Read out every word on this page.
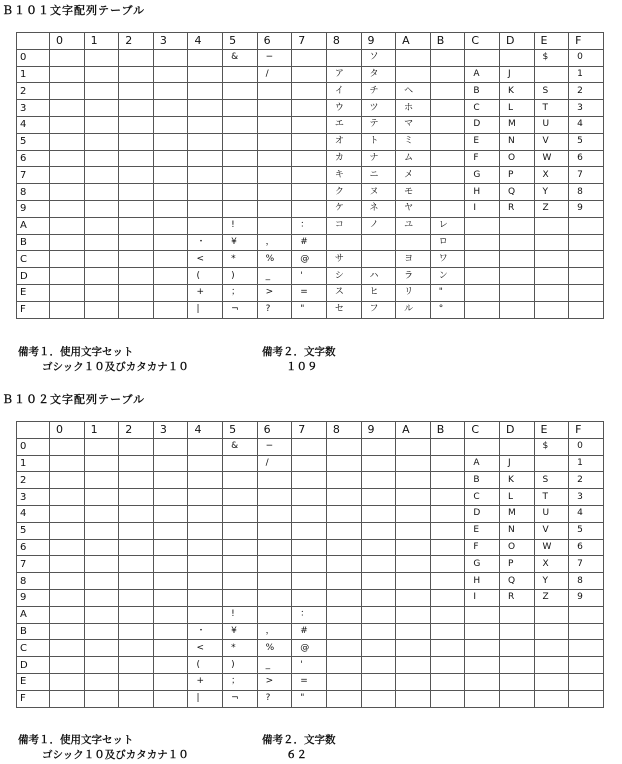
Ｂ１０１文字配列テーブル
	0	1	2	3	4	5	6	7	8	9	A	B	C	D	E	F
0						&	−			ソ					$	0
1							/		ア	タ			A	J		1
2									イ	チ	ヘ		B	K	S	2
3									ウ	ツ	ホ		C	L	T	3
4									エ	テ	マ		D	M	U	4
5									オ	ト	ミ		E	N	V	5
6									カ	ナ	ム		F	O	W	6
7									キ	ニ	メ		G	P	X	7
8									ク	ヌ	モ		H	Q	Y	8
9									ケ	ネ	ヤ		I	R	Z	9
A						!		：	コ	ノ	ユ	レ				
B					・	¥	，	#				ロ				
C					<	*	%	@	サ		ヨ	ワ				
D					(	)	_	'	シ	ハ	ラ	ン				
E					+	；	>	=	ス	ヒ	リ	"				
F					|	¬	?	"	セ	フ	ル	°				
備考１．使用文字セット
ゴシック１０及びカタカナ１０
備考２．文字数
１０９
Ｂ１０２文字配列テーブル
	0	1	2	3	4	5	6	7	8	9	A	B	C	D	E	F
0						&	−								$	0
1							/						A	J		1
2													B	K	S	2
3													C	L	T	3
4													D	M	U	4
5													E	N	V	5
6													F	O	W	6
7													G	P	X	7
8													H	Q	Y	8
9													I	R	Z	9
A						!		：								
B					・	¥	，	#								
C					<	*	%	@								
D					(	)	_	'								
E					+	；	>	=								
F					|	¬	?	"								
備考１．使用文字セット
ゴシック１０及びカタカナ１０
備考２．文字数
６２
